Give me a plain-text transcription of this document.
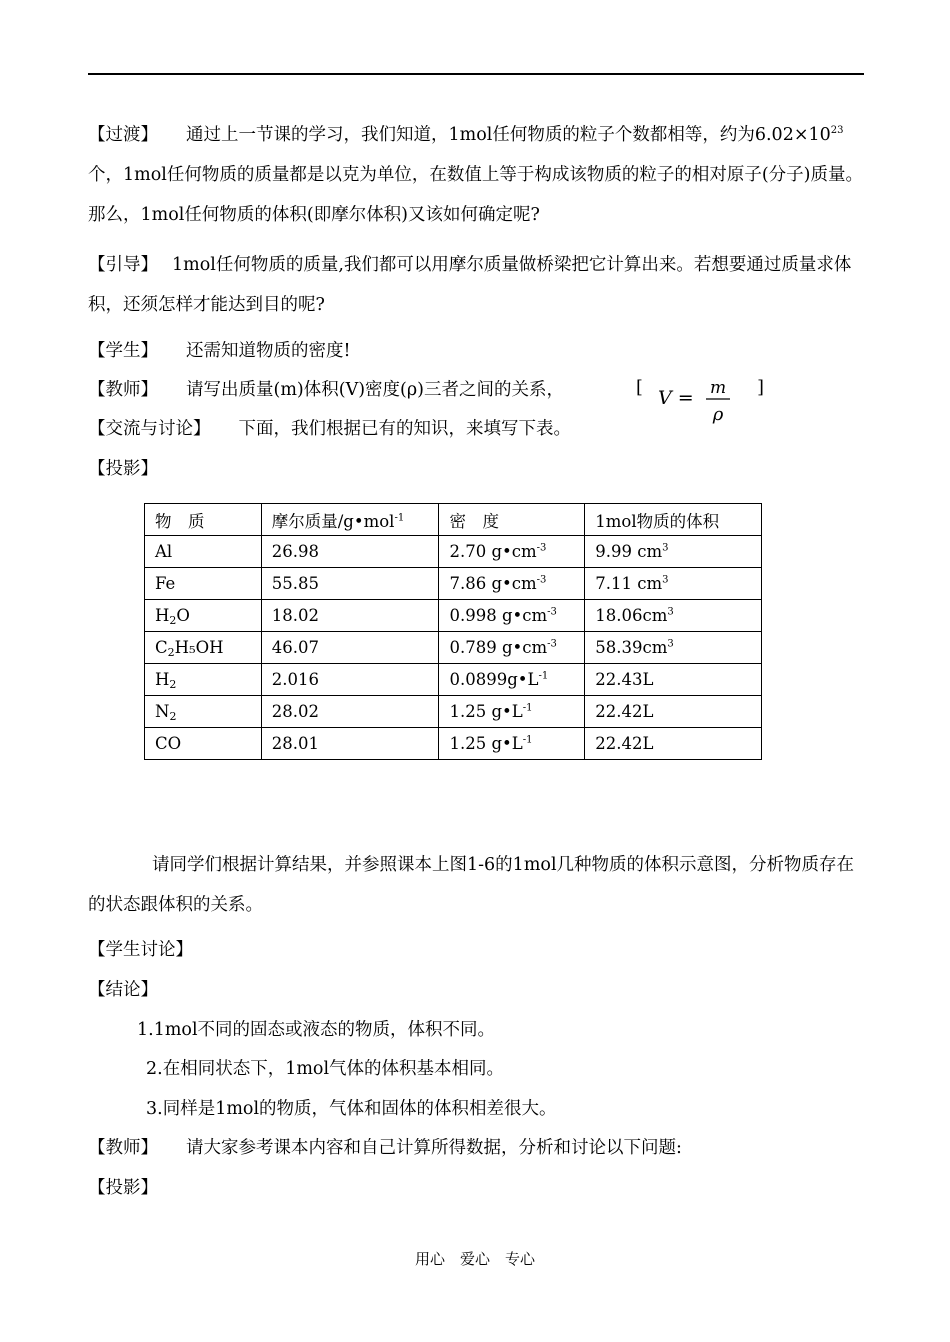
【过渡】 通过上一节课的学习，我们知道，1mol任何物质的粒子个数都相等，约为$6.02\times 10^{23}$个，1mol任何物质的质量都是以克为单位，在数值上等于构成该物质的粒子的相对原子(分子)质量。那么，1mol任何物质的体积(即摩尔体积)又该如何确定呢?

【引导】 1mol任何物质的质量,我们都可以用摩尔质量做桥梁把它计算出来。若想要通过质量求体积，还须怎样才能达到目的呢?

【学生】 还需知道物质的密度!
【教师】 请写出质量(m)体积(V)密度(ρ)三者之间的关系，	[ V = m
ρ
]
【交流与讨论】 下面，我们根据已有的知识，来填写下表。
【投影】
物　质	摩尔质量/g•mol$^{-1}$	密　度	1mol物质的体积
Al	26.98	2.70 $g•cm^{-3}$	9.99 $cm^3$
Fe	55.85	7.86 $g•cm^{-3}$	7.11 $cm^3$
$H_2O$	18.02	0.998 $g•cm^{-3}$	$18.06cm^3$
$C_2H_5OH$	46.07	0.789 $g•cm^{-3}$	$58.39cm^3$
$H_2$	2.016	$0.0899g•L^{-1}$	22.43L
$N_2$	28.02	1.25 $g•L^{-1}$	22.42L
CO	28.01	1.25 $g•L^{-1}$	22.42L

请同学们根据计算结果，并参照课本上图1-6的1mol几种物质的体积示意图，分析物质存在的状态跟体积的关系。

【学生讨论】
【结论】
1.1mol不同的固态或液态的物质，体积不同。
2.在相同状态下，1mol气体的体积基本相同。
3.同样是1mol的物质，气体和固体的体积相差很大。
【教师】 请大家参考课本内容和自己计算所得数据，分析和讨论以下问题:
【投影】
用心　爱心　专心
